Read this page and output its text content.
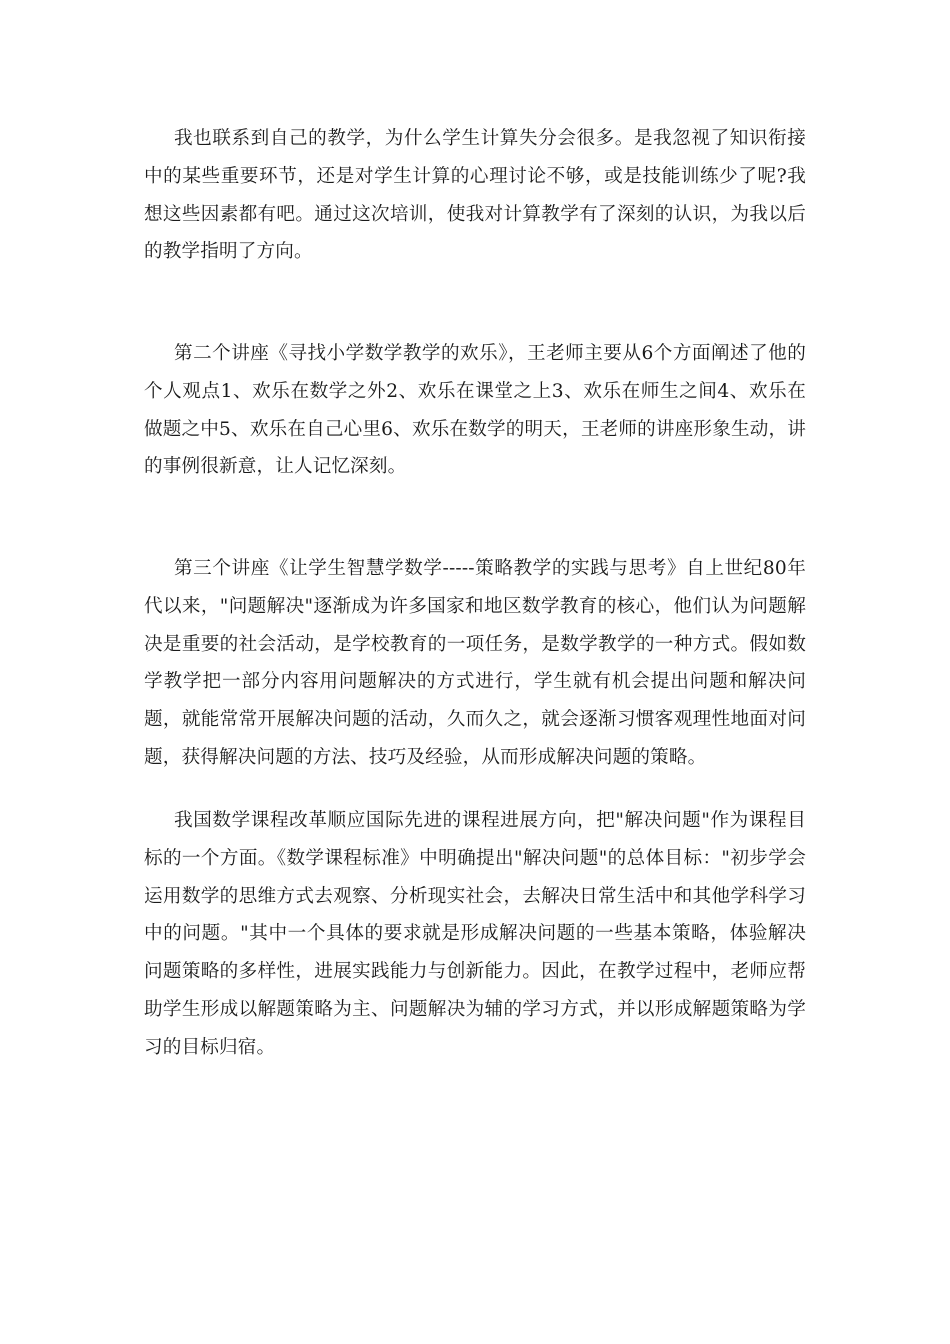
我也联系到自己的教学，为什么学生计算失分会很多。是我忽视了知识衔接中的某些重要环节，还是对学生计算的心理讨论不够，或是技能训练少了呢?我想这些因素都有吧。通过这次培训，使我对计算教学有了深刻的认识，为我以后的教学指明了方向。

第二个讲座《寻找小学数学教学的欢乐》，王老师主要从6个方面阐述了他的个人观点1、欢乐在数学之外2、欢乐在课堂之上3、欢乐在师生之间4、欢乐在做题之中5、欢乐在自己心里6、欢乐在数学的明天，王老师的讲座形象生动，讲的事例很新意，让人记忆深刻。

第三个讲座《让学生智慧学数学-----策略教学的实践与思考》自上世纪80年代以来，"问题解决"逐渐成为许多国家和地区数学教育的核心，他们认为问题解决是重要的社会活动，是学校教育的一项任务，是数学教学的一种方式。假如数学教学把一部分内容用问题解决的方式进行，学生就有机会提出问题和解决问题，就能常常开展解决问题的活动，久而久之，就会逐渐习惯客观理性地面对问题，获得解决问题的方法、技巧及经验，从而形成解决问题的策略。

我国数学课程改革顺应国际先进的课程进展方向，把"解决问题"作为课程目标的一个方面。《数学课程标准》中明确提出"解决问题"的总体目标："初步学会运用数学的思维方式去观察、分析现实社会，去解决日常生活中和其他学科学习中的问题。"其中一个具体的要求就是形成解决问题的一些基本策略，体验解决问题策略的多样性，进展实践能力与创新能力。因此，在教学过程中，老师应帮助学生形成以解题策略为主、问题解决为辅的学习方式，并以形成解题策略为学习的目标归宿。
